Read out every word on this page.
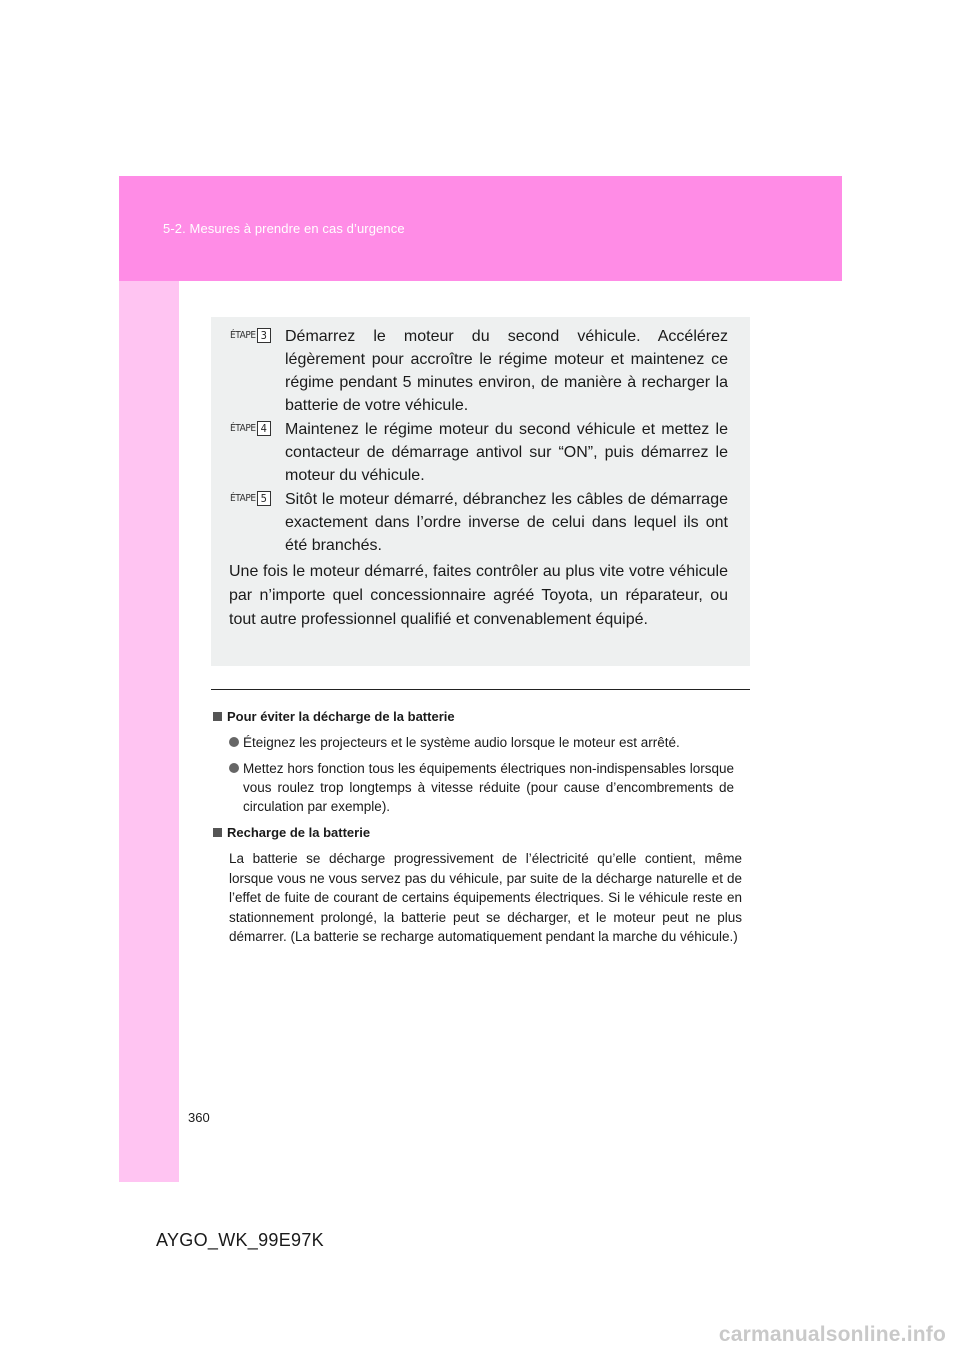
5-2. Mesures à prendre en cas d’urgence
ÉTAPE 3 Démarrez le moteur du second véhicule. Accélérez légèrement pour accroître le régime moteur et maintenez ce régime pendant 5 minutes environ, de manière à recharger la batterie de votre véhicule.
ÉTAPE 4 Maintenez le régime moteur du second véhicule et mettez le contacteur de démarrage antivol sur “ON”, puis démarrez le moteur du véhicule.
ÉTAPE 5 Sitôt le moteur démarré, débranchez les câbles de démarrage exactement dans l’ordre inverse de celui dans lequel ils ont été branchés.
Une fois le moteur démarré, faites contrôler au plus vite votre véhicule par n’importe quel concessionnaire agréé Toyota, un réparateur, ou tout autre professionnel qualifié et convenablement équipé.
Pour éviter la décharge de la batterie
Éteignez les projecteurs et le système audio lorsque le moteur est arrêté.
Mettez hors fonction tous les équipements électriques non-indispensables lorsque vous roulez trop longtemps à vitesse réduite (pour cause d’encombrements de circulation par exemple).
Recharge de la batterie
La batterie se décharge progressivement de l’électricité qu’elle contient, même lorsque vous ne vous servez pas du véhicule, par suite de la décharge naturelle et de l’effet de fuite de courant de certains équipements électriques. Si le véhicule reste en stationnement prolongé, la batterie peut se décharger, et le moteur peut ne plus démarrer. (La batterie se recharge automatiquement pendant la marche du véhicule.)
360
AYGO_WK_99E97K
carmanualsonline.info
